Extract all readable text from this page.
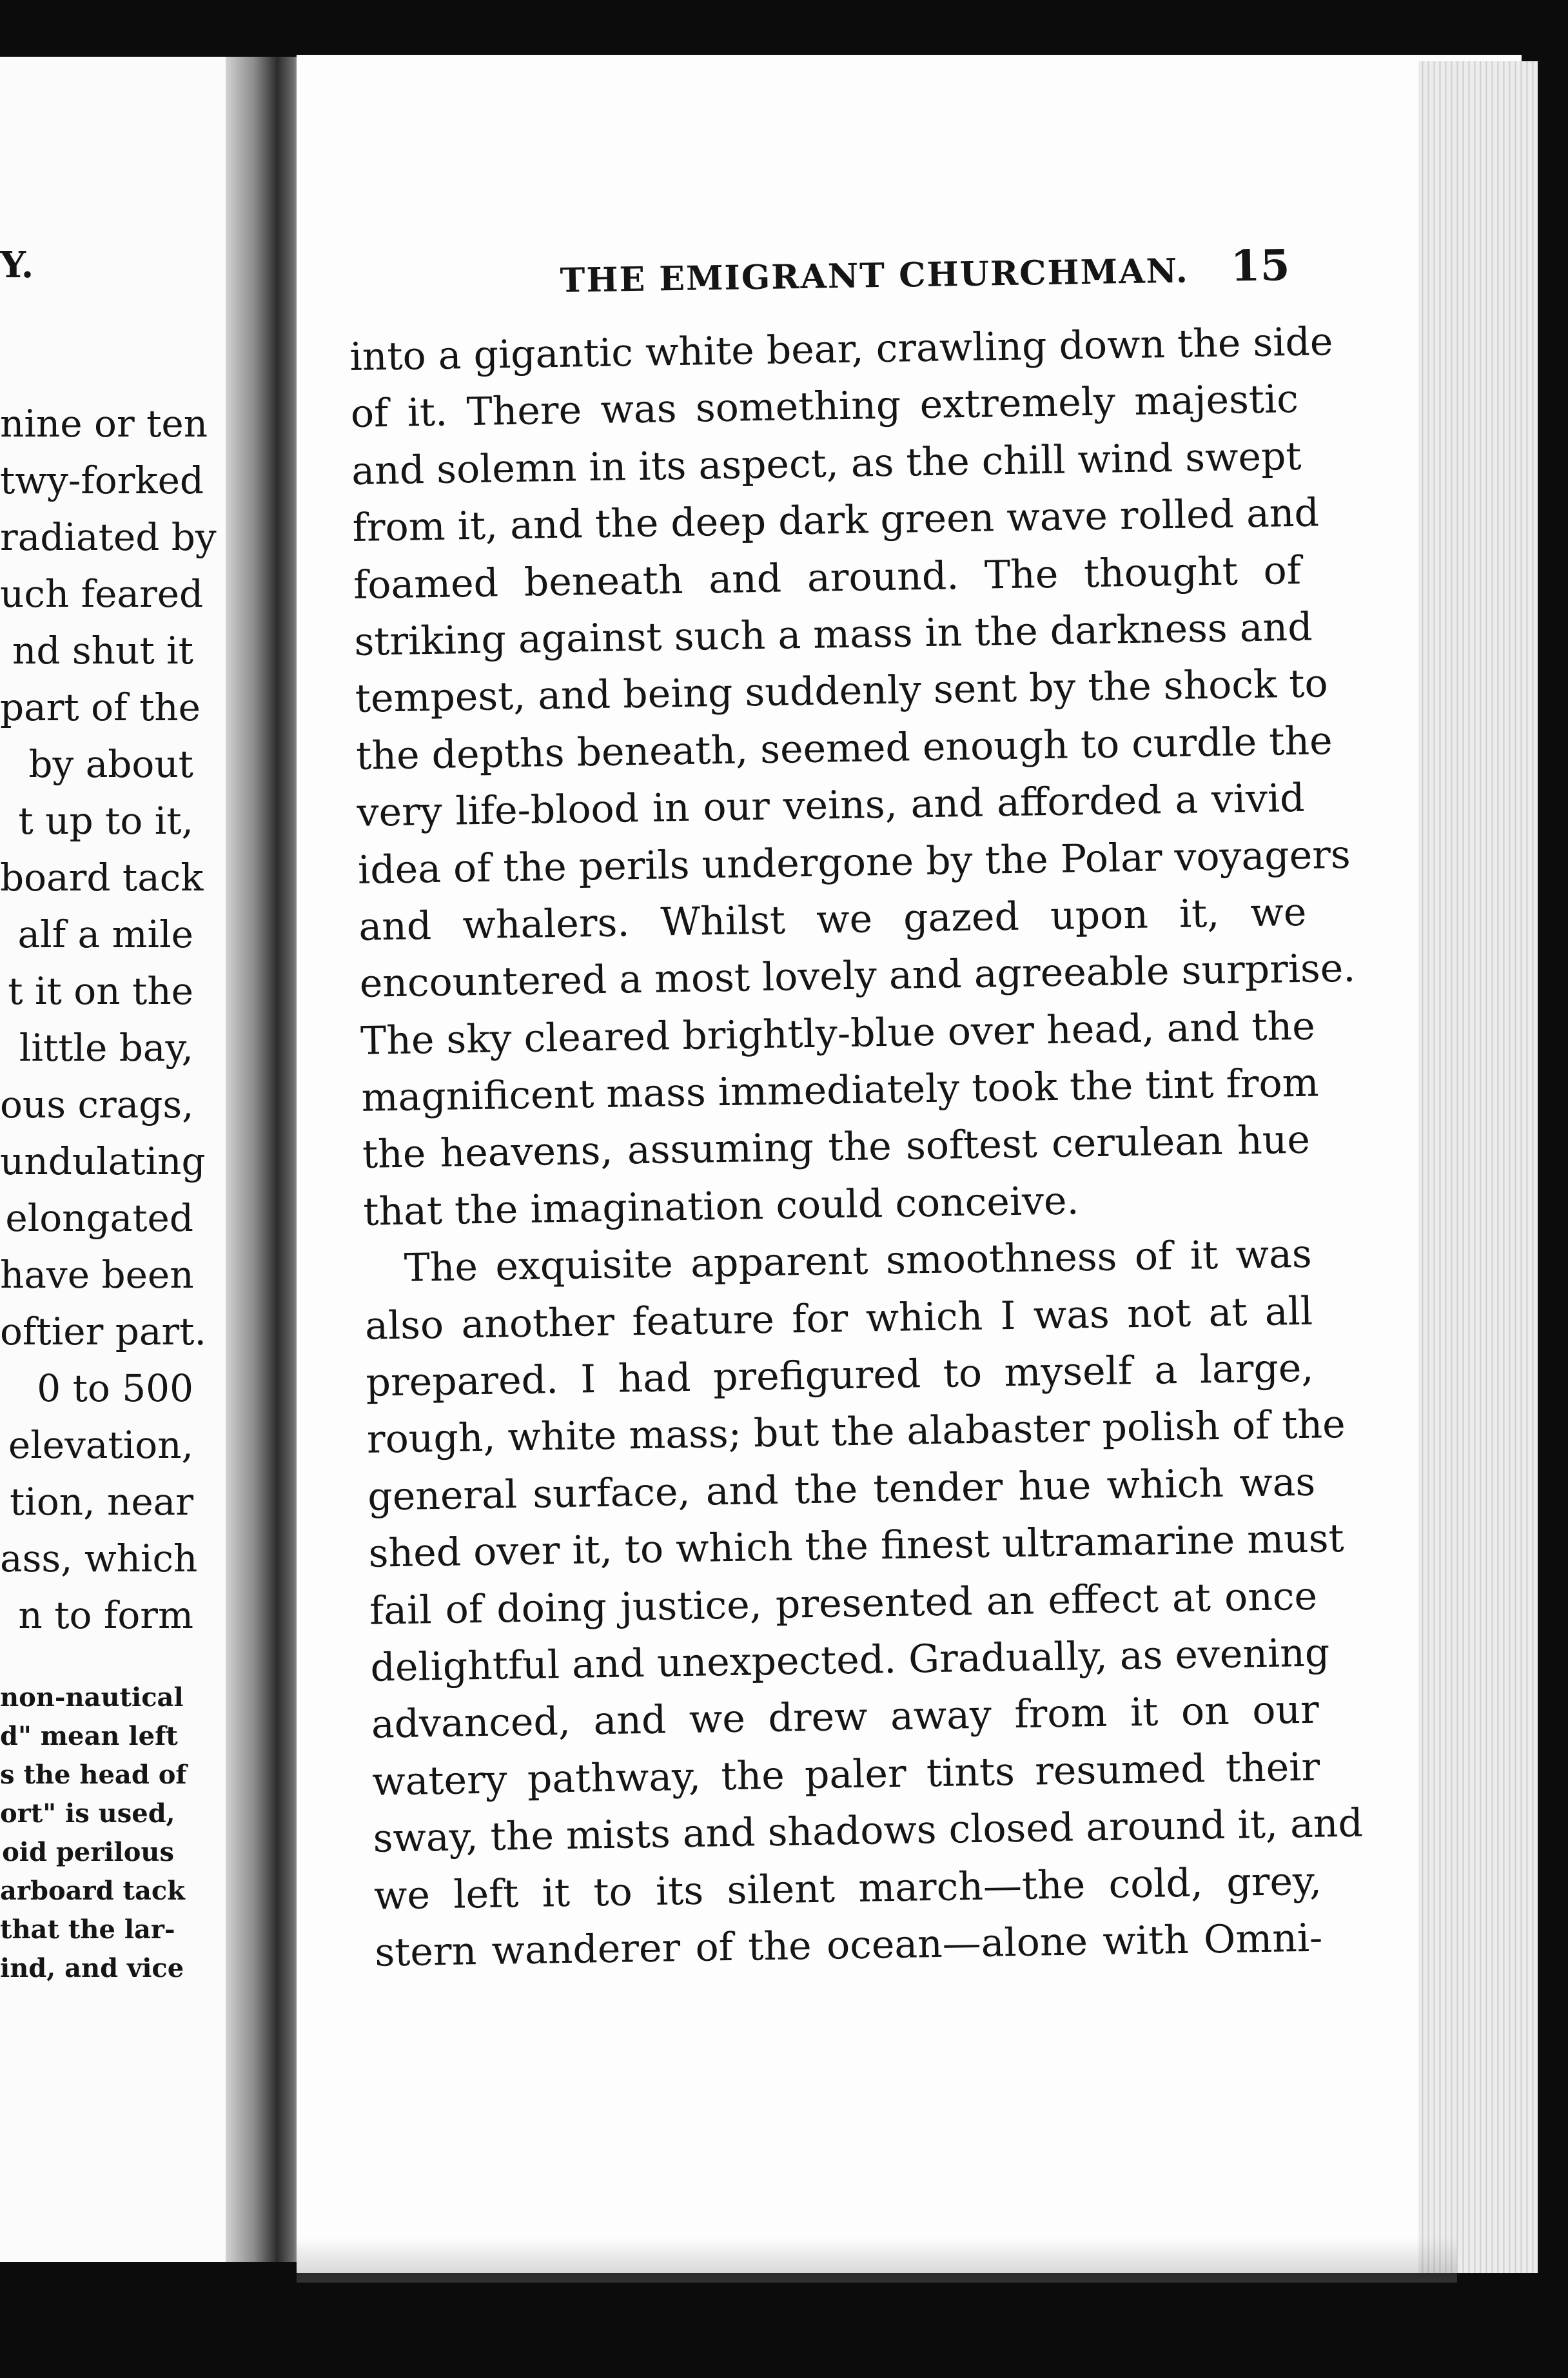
Y.
nine or ten
twy-forked
radiated by
uch feared
nd shut it
part of the
by about
t up to it,
board tack
alf a mile
t it on the
little bay,
ous crags,
undulating
elongated
have been
oftier part.
0 to 500
elevation,
tion, near
ass, which
n to form
non-nautical
d" mean left
s the head of
ort" is used,
oid perilous
arboard tack
that the lar-
ind, and vice
THE EMIGRANT CHURCHMAN. 15
into a gigantic white bear, crawling down the side
of it. There was something extremely majestic
and solemn in its aspect, as the chill wind swept
from it, and the deep dark green wave rolled and
foamed beneath and around. The thought of
striking against such a mass in the darkness and
tempest, and being suddenly sent by the shock to
the depths beneath, seemed enough to curdle the
very life-blood in our veins, and afforded a vivid
idea of the perils undergone by the Polar voyagers
and whalers. Whilst we gazed upon it, we
encountered a most lovely and agreeable surprise.
The sky cleared brightly-blue over head, and the
magnificent mass immediately took the tint from
the heavens, assuming the softest cerulean hue
that the imagination could conceive.
The exquisite apparent smoothness of it was
also another feature for which I was not at all
prepared. I had prefigured to myself a large,
rough, white mass; but the alabaster polish of the
general surface, and the tender hue which was
shed over it, to which the finest ultramarine must
fail of doing justice, presented an effect at once
delightful and unexpected. Gradually, as evening
advanced, and we drew away from it on our
watery pathway, the paler tints resumed their
sway, the mists and shadows closed around it, and
we left it to its silent march—the cold, grey,
stern wanderer of the ocean—alone with Omni-
